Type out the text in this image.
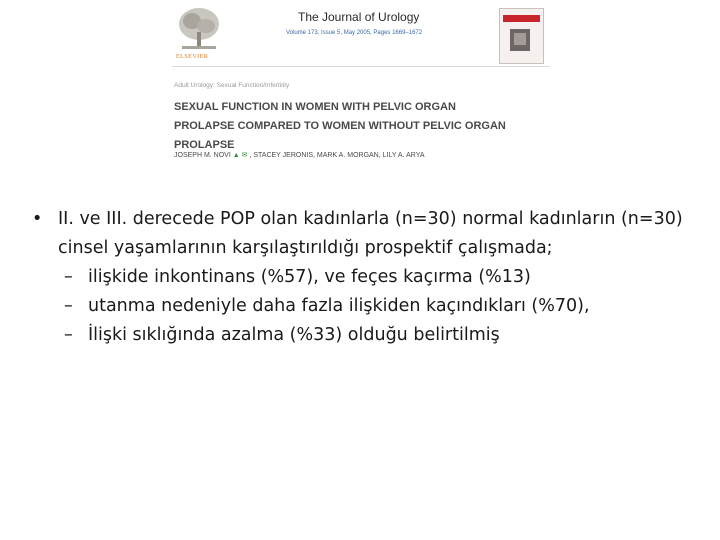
ELSEVIER
The Journal of Urology
Volume 173, Issue 5, May 2005, Pages 1669–1672
Adult Urology: Sexual Function/Infertility
SEXUAL FUNCTION IN WOMEN WITH PELVIC ORGAN PROLAPSE COMPARED TO WOMEN WITHOUT PELVIC ORGAN PROLAPSE
JOSEPH M. NOVI ▲ ✉ , STACEY JERONIS, MARK A. MORGAN, LILY A. ARYA
• II. ve III. derecede POP olan kadınlarla (n=30) normal kadınların (n=30) cinsel yaşamlarının karşılaştırıldığı prospektif çalışmada;
– ilişkide inkontinans (%57), ve feçes kaçırma (%13)
– utanma nedeniyle daha fazla ilişkiden kaçındıkları (%70),
– İlişki sıklığında azalma (%33) olduğu belirtilmiş
